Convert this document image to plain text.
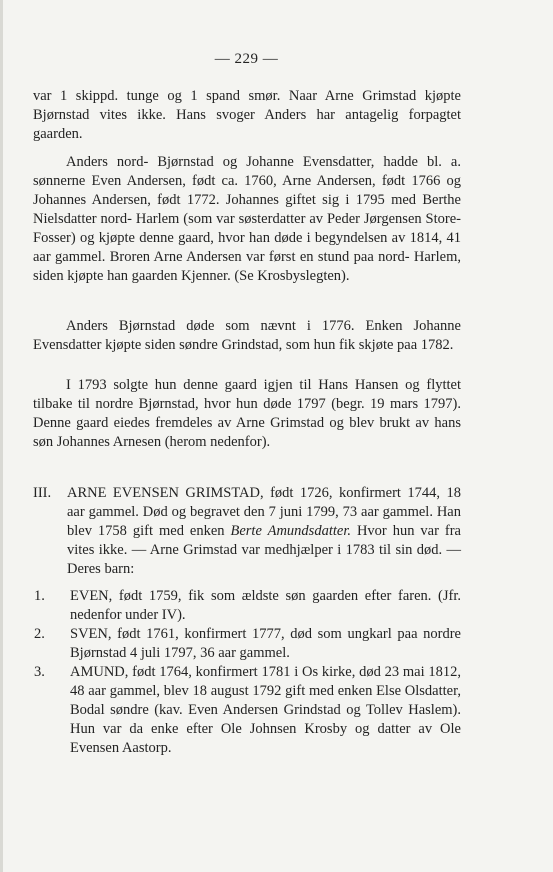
— 229 —

var 1 skippd. tunge og 1 spand smør. Naar Arne Grimstad kjøpte Bjørnstad vites ikke. Hans svoger Anders har antagelig forpagtet gaarden.

Anders nord- Bjørnstad og Johanne Evensdatter, hadde bl. a. sønnerne Even Andersen, født ca. 1760, Arne Andersen, født 1766 og Johannes Andersen, født 1772. Johannes giftet sig i 1795 med Berthe Nielsdatter nord- Harlem (som var søsterdatter av Peder Jørgensen Store-Fosser) og kjøpte denne gaard, hvor han døde i begyndelsen av 1814, 41 aar gammel. Broren Arne Andersen var først en stund paa nord- Harlem, siden kjøpte han gaarden Kjenner. (Se Krosbyslegten).

Anders Bjørnstad døde som nævnt i 1776. Enken Johanne Evensdatter kjøpte siden søndre Grindstad, som hun fik skjøte paa 1782.

I 1793 solgte hun denne gaard igjen til Hans Hansen og flyttet tilbake til nordre Bjørnstad, hvor hun døde 1797 (begr. 19 mars 1797). Denne gaard eiedes fremdeles av Arne Grimstad og blev brukt av hans søn Johannes Arnesen (herom nedenfor).

III.	ARNE EVENSEN GRIMSTAD, født 1726, konfirmert 1744, 18 aar gammel. Død og begravet den 7 juni 1799, 73 aar gammel. Han blev 1758 gift med enken Berte Amundsdatter. Hvor hun var fra vites ikke. — Arne Grimstad var medhjælper i 1783 til sin død. — Deres barn:

1.	EVEN, født 1759, fik som ældste søn gaarden efter faren. (Jfr. nedenfor under IV).

2.	SVEN, født 1761, konfirmert 1777, død som ungkarl paa nordre Bjørnstad 4 juli 1797, 36 aar gammel.

3.	AMUND, født 1764, konfirmert 1781 i Os kirke, død 23 mai 1812, 48 aar gammel, blev 18 august 1792 gift med enken Else Olsdatter, Bodal søndre (kav. Even Andersen Grindstad og Tollev Haslem). Hun var da enke efter Ole Johnsen Krosby og datter av Ole Evensen Aastorp.
